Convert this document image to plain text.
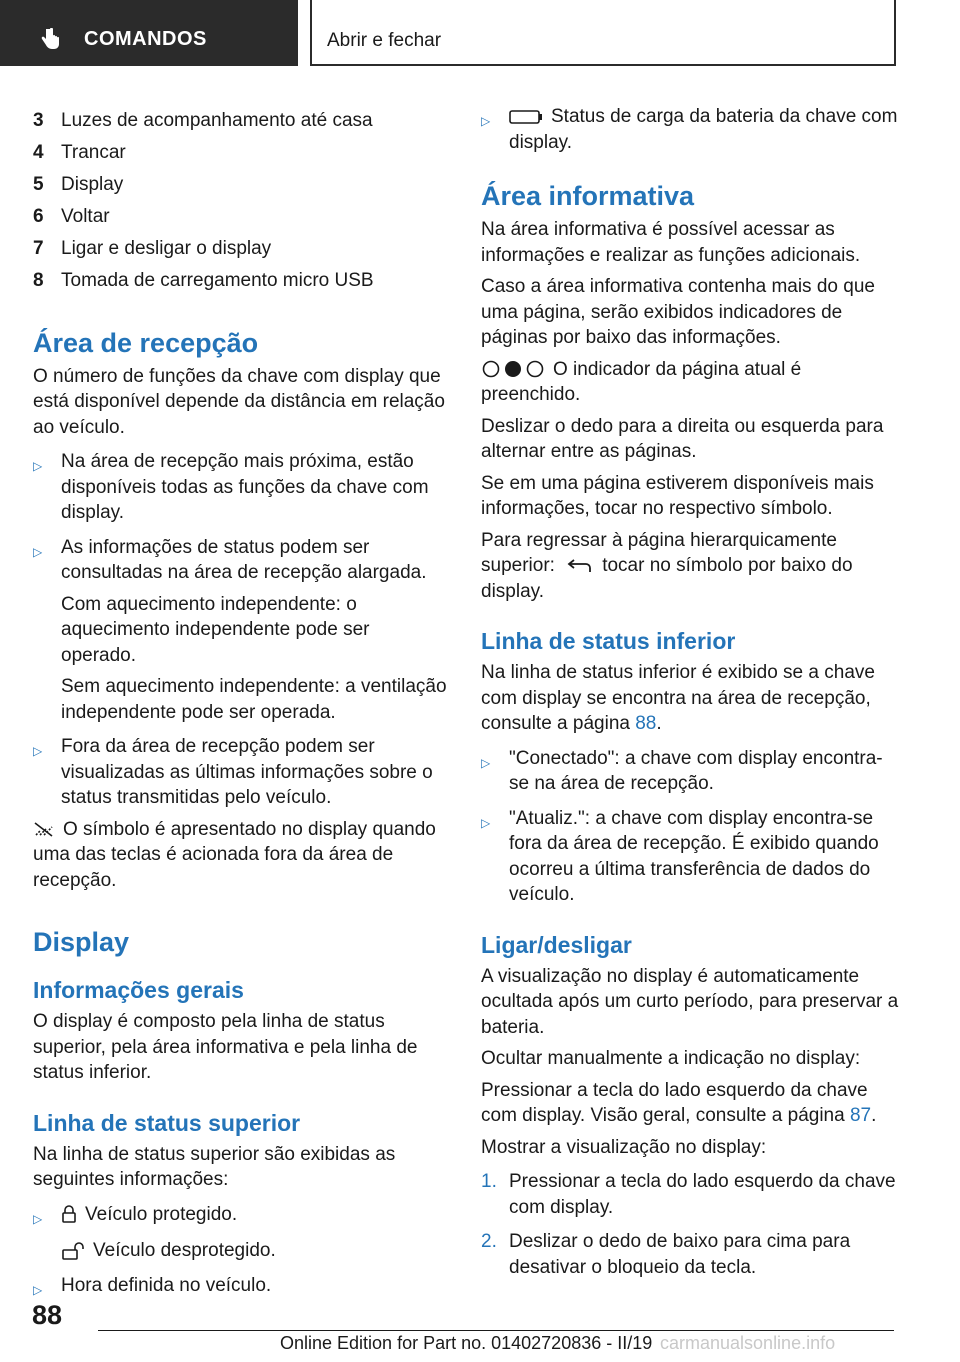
COMANDOS	Abrir e fechar
3 Luzes de acompanhamento até casa
4 Trancar
5 Display
6 Voltar
7 Ligar e desligar o display
8 Tomada de carregamento micro USB
Área de recepção

O número de funções da chave com display que está disponível depende da distância em relação ao veículo.

▷ Na área de recepção mais próxima, estão disponíveis todas as funções da chave com display.
▷ As informações de status podem ser consultadas na área de recepção alargada.

Com aquecimento independente: o aquecimento independente pode ser operado.

Sem aquecimento independente: a ventilação independente pode ser operada.

▷ Fora da área de recepção podem ser visualizadas as últimas informações sobre o status transmitidas pelo veículo.

O símbolo é apresentado no display quando uma das teclas é acionada fora da área de recepção.

Display
Informações gerais

O display é composto pela linha de status superior, pela área informativa e pela linha de status inferior.

Linha de status superior

Na linha de status superior são exibidas as seguintes informações:

▷	Veículo protegido.

Veículo desprotegido.

▷ Hora definida no veículo.
▷	Status de carga da bateria da chave com display.
Área informativa

Na área informativa é possível acessar as informações e realizar as funções adicionais.

Caso a área informativa contenha mais do que uma página, serão exibidos indicadores de páginas por baixo das informações.

O indicador da página atual é preenchido.

Deslizar o dedo para a direita ou esquerda para alternar entre as páginas.

Se em uma página estiverem disponíveis mais informações, tocar no respectivo símbolo.

Para regressar à página hierarquicamente superior: tocar no símbolo por baixo do display.

Linha de status inferior

Na linha de status inferior é exibido se a chave com display se encontra na área de recepção, consulte a página 88.

▷ "Conectado": a chave com display encontra-se na área de recepção.
▷ "Atualiz.": a chave com display encontra-se fora da área de recepção. É exibido quando ocorreu a última transferência de dados do veículo.
Ligar/desligar

A visualização no display é automaticamente ocultada após um curto período, para preservar a bateria.

Ocultar manualmente a indicação no display:

Pressionar a tecla do lado esquerdo da chave com display. Visão geral, consulte a página 87.

Mostrar a visualização no display:

1. Pressionar a tecla do lado esquerdo da chave com display.
2. Deslizar o dedo de baixo para cima para desativar o bloqueio da tecla.
88
Online Edition for Part no. 01402720836 - II/19 carmanualsonline.info
